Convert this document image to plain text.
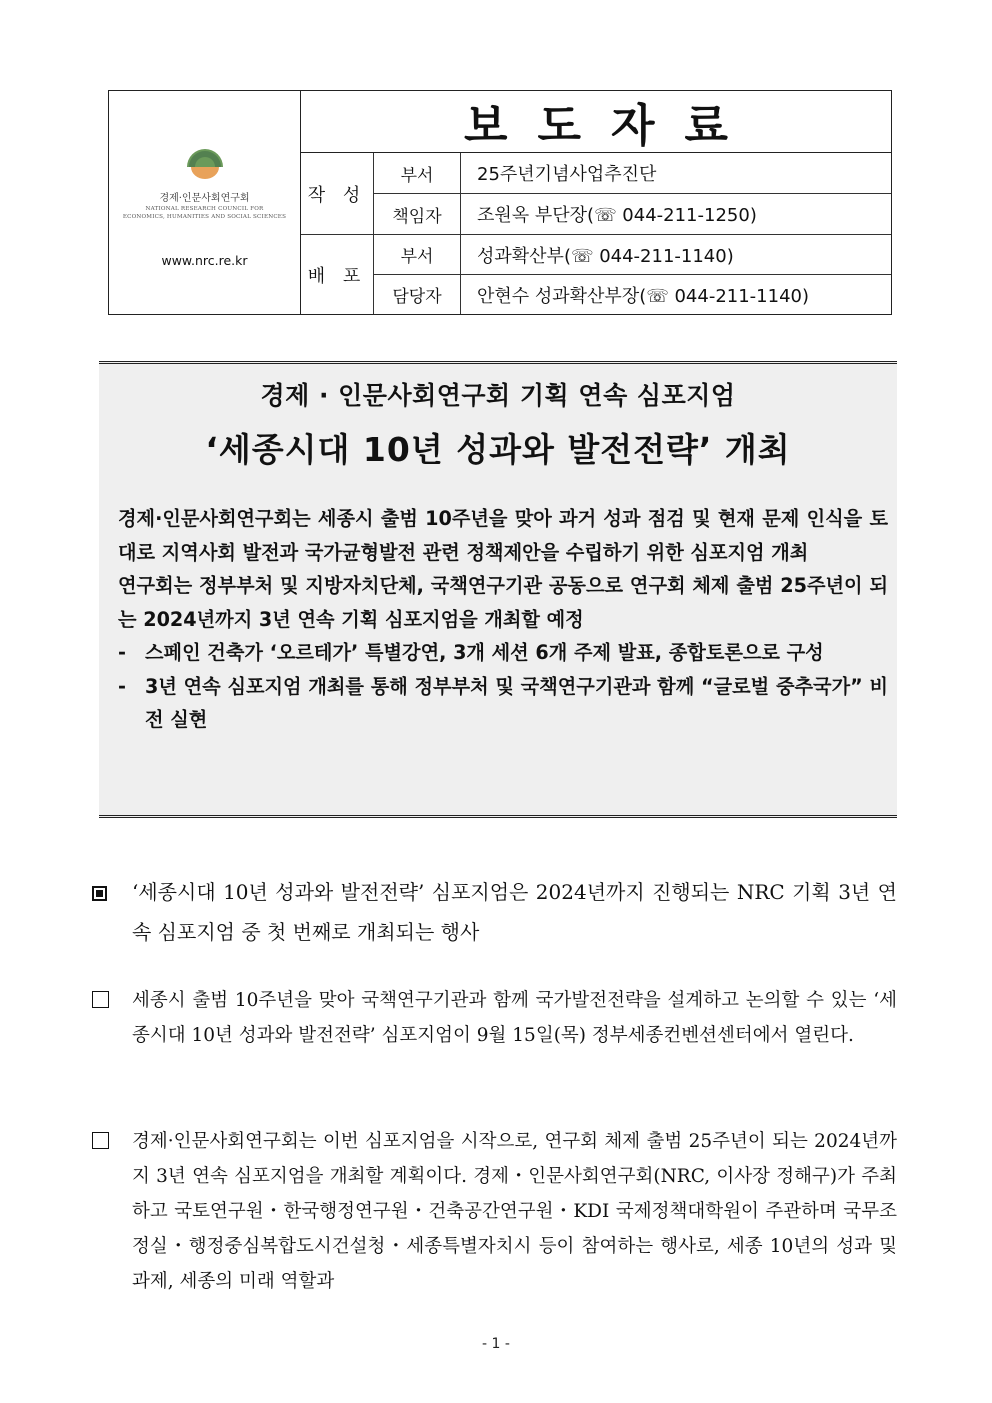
경제·인문사회연구회
NATIONAL RESEARCH COUNCIL FOR
ECONOMICS, HUMANITIES AND SOCIAL SCIENCES
www.nrc.re.kr
보도자료
작 성
배 포
부서	25주년기념사업추진단
책임자	조원옥 부단장(☏ 044-211-1250)
부서	성과확산부(☏ 044-211-1140)
담당자	안현수 성과확산부장(☏ 044-211-1140)
경제 · 인문사회연구회 기획 연속 심포지엄
‘세종시대 10년 성과와 발전전략’ 개최

경제·인문사회연구회는 세종시 출범 10주년을 맞아 과거 성과 점검 및 현재 문제 인식을 토대로 지역사회 발전과 국가균형발전 관련 정책제안을 수립하기 위한 심포지엄 개최

연구회는 정부부처 및 지방자치단체, 국책연구기관 공동으로 연구회 체제 출범 25주년이 되는 2024년까지 3년 연속 기획 심포지엄을 개최할 예정

- 스페인 건축가 ‘오르테가’ 특별강연, 3개 세션 6개 주제 발표, 종합토론으로 구성
- 3년 연속 심포지엄 개최를 통해 정부부처 및 국책연구기관과 함께 “글로벌 중추국가” 비전 실현
‘세종시대 10년 성과와 발전전략’ 심포지엄은 2024년까지 진행되는 NRC 기획 3년 연속 심포지엄 중 첫 번째로 개최되는 행사
세종시 출범 10주년을 맞아 국책연구기관과 함께 국가발전전략을 설계하고 논의할 수 있는 ‘세종시대 10년 성과와 발전전략’ 심포지엄이 9월 15일(목) 정부세종컨벤션센터에서 열린다.
경제·인문사회연구회는 이번 심포지엄을 시작으로, 연구회 체제 출범 25주년이 되는 2024년까지 3년 연속 심포지엄을 개최할 계획이다. 경제・인문사회연구회(NRC, 이사장 정해구)가 주최하고 국토연구원・한국행정연구원・건축공간연구원・KDI 국제정책대학원이 주관하며 국무조정실・행정중심복합도시건설청・세종특별자치시 등이 참여하는 행사로, 세종 10년의 성과 및 과제, 세종의 미래 역할과
- 1 -
